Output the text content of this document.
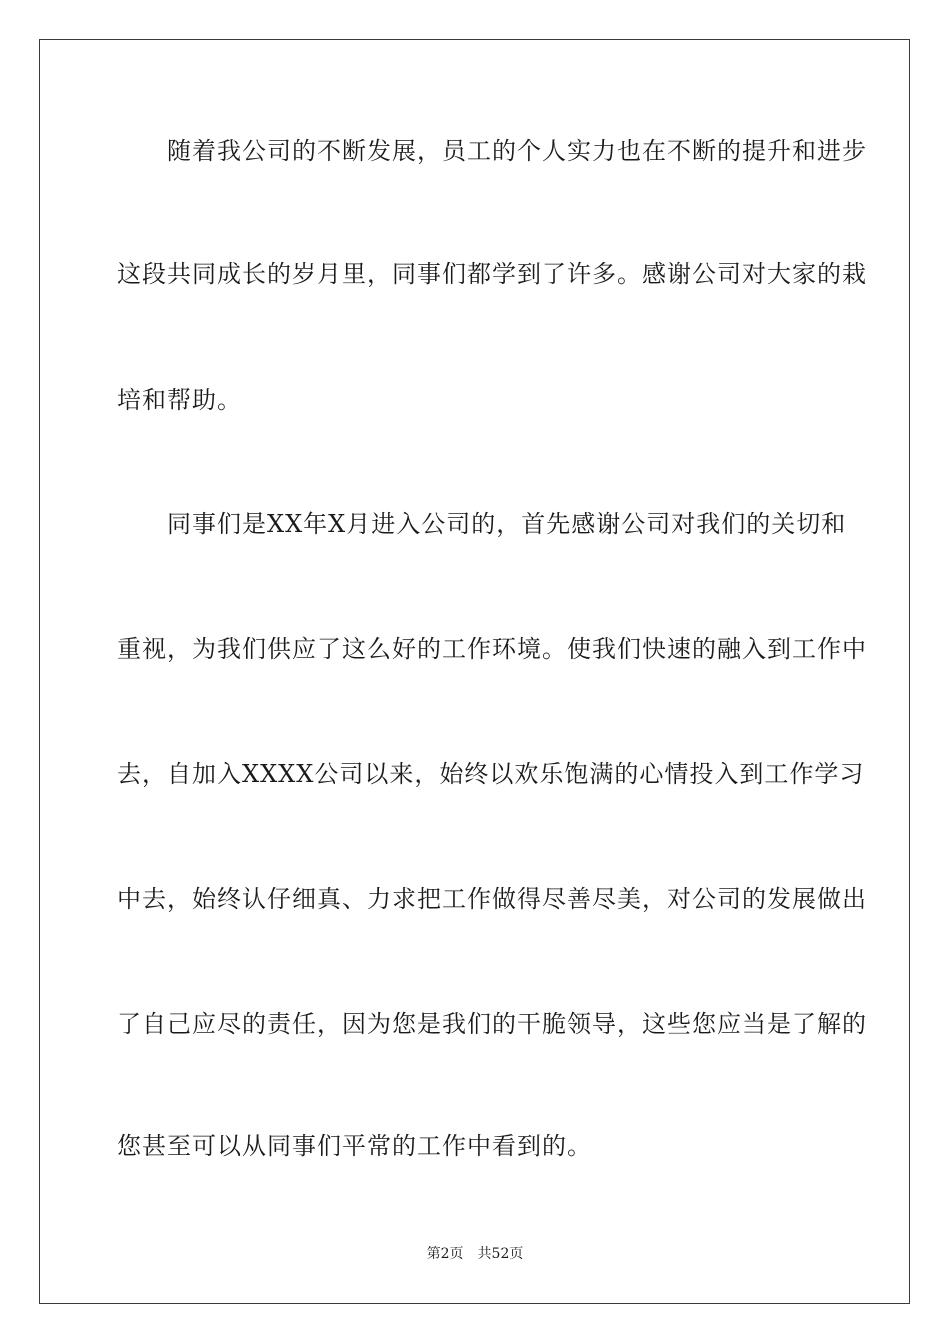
　　随着我公司的不断发展，员工的个人实力也在不断的提升和进步

这段共同成长的岁月里，同事们都学到了许多。感谢公司对大家的栽

培和帮助。

　　同事们是XX年X月进入公司的，首先感谢公司对我们的关切和

重视，为我们供应了这么好的工作环境。使我们快速的融入到工作中

去，自加入XXXX公司以来，始终以欢乐饱满的心情投入到工作学习

中去，始终认仔细真、力求把工作做得尽善尽美，对公司的发展做出

了自己应尽的责任，因为您是我们的干脆领导，这些您应当是了解的

您甚至可以从同事们平常的工作中看到的。

第2页　共52页
